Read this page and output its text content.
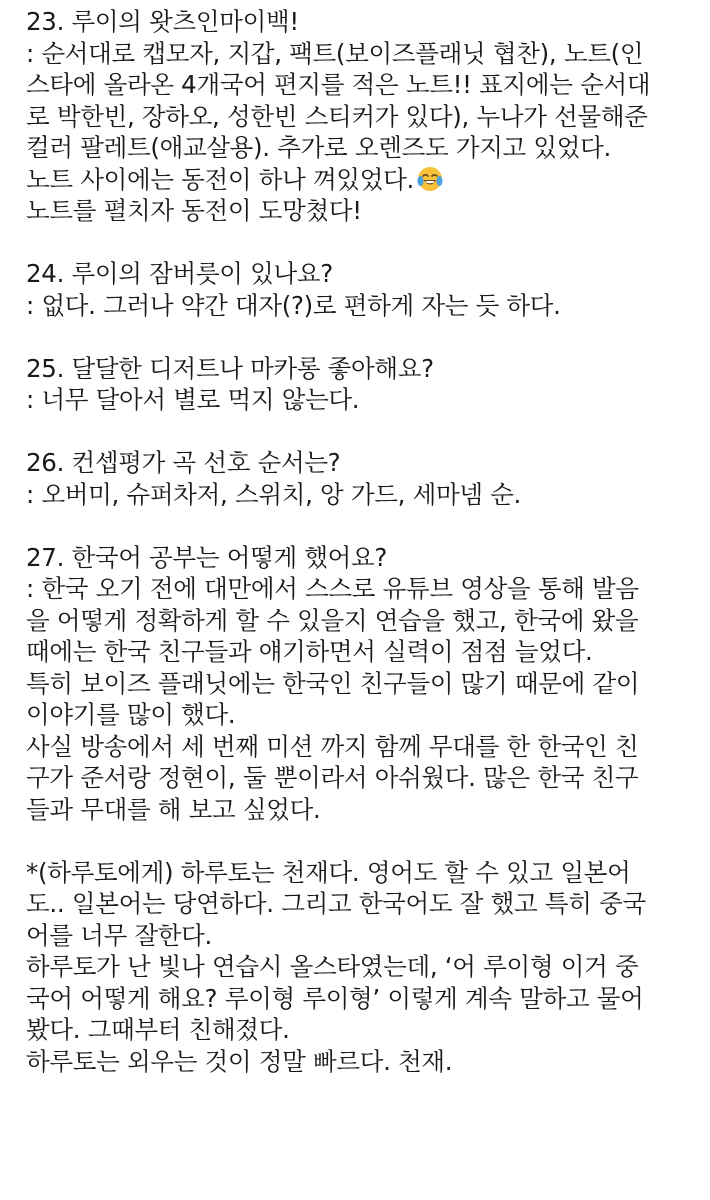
23. 루이의 왓츠인마이백!
: 순서대로 캡모자, 지갑, 팩트(보이즈플래닛 협찬), 노트(인
스타에 올라온 4개국어 편지를 적은 노트!! 표지에는 순서대
로 박한빈, 장하오, 성한빈 스티커가 있다), 누나가 선물해준
컬러 팔레트(애교살용). 추가로 오렌즈도 가지고 있었다.
노트 사이에는 동전이 하나 껴있었다.
노트를 펼치자 동전이 도망쳤다!
24. 루이의 잠버릇이 있나요?
: 없다. 그러나 약간 대자(?)로 편하게 자는 듯 하다.
25. 달달한 디저트나 마카롱 좋아해요?
: 너무 달아서 별로 먹지 않는다.
26. 컨셉평가 곡 선호 순서는?
: 오버미, 슈퍼차저, 스위치, 앙 가드, 세마넴 순.
27. 한국어 공부는 어떻게 했어요?
: 한국 오기 전에 대만에서 스스로 유튜브 영상을 통해 발음
을 어떻게 정확하게 할 수 있을지 연습을 했고, 한국에 왔을
때에는 한국 친구들과 얘기하면서 실력이 점점 늘었다.
특히 보이즈 플래닛에는 한국인 친구들이 많기 때문에 같이
이야기를 많이 했다.
사실 방송에서 세 번째 미션 까지 함께 무대를 한 한국인 친
구가 준서랑 정현이, 둘 뿐이라서 아쉬웠다. 많은 한국 친구
들과 무대를 해 보고 싶었다.
*(하루토에게) 하루토는 천재다. 영어도 할 수 있고 일본어
도.. 일본어는 당연하다. 그리고 한국어도 잘 했고 특히 중국
어를 너무 잘한다.
하루토가 난 빛나 연습시 올스타였는데, ‘어 루이형 이거 중
국어 어떻게 해요? 루이형 루이형’ 이렇게 계속 말하고 물어
봤다. 그때부터 친해졌다.
하루토는 외우는 것이 정말 빠르다. 천재.
